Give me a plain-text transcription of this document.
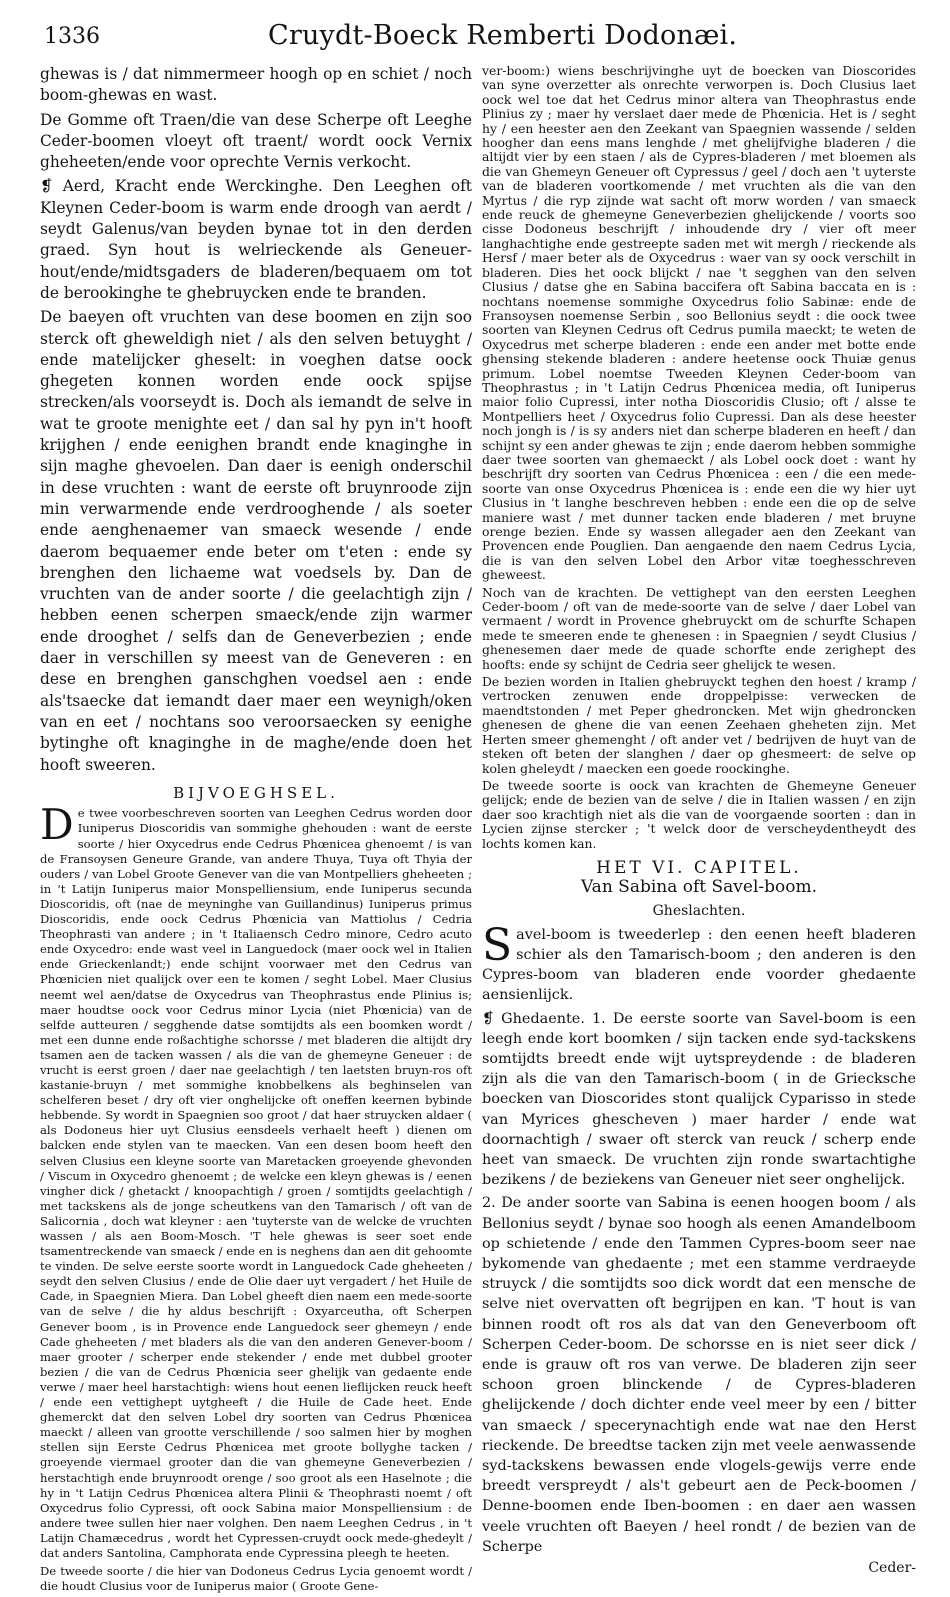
1336	Cruydt-Boeck Remberti Dodonæi.

ghewas is / dat nimmermeer hoogh op en schiet / noch boom-ghewas en wast.

De Gomme oft Traen/die van dese Scherpe oft Leeghe Ceder-boomen vloeyt oft traent/ wordt oock Vernix gheheeten/ende voor oprechte Vernis verkocht.

❡ Aerd, Kracht ende Werckinghe. Den Leeghen oft Kleynen Ceder-boom is warm ende droogh van aerdt / seydt Galenus/van beyden bynae tot in den derden graed. Syn hout is welrieckende als Geneuer-hout/ende/midtsgaders de bladeren/bequaem om tot de berookinghe te ghebruycken ende te branden.

De baeyen oft vruchten van dese boomen en zijn soo sterck oft gheweldigh niet / als den selven betuyght / ende matelijcker gheselt: in voeghen datse oock ghegeten konnen worden ende oock spijse strecken/als voorseydt is. Doch als iemandt de selve in wat te groote menighte eet / dan sal hy pyn in't hooft krijghen / ende eenighen brandt ende knaginghe in sijn maghe ghevoelen. Dan daer is eenigh onderschil in dese vruchten : want de eerste oft bruynroode zijn min verwarmende ende verdrooghende / als soeter ende aenghenaemer van smaeck wesende / ende daerom bequaemer ende beter om t'eten : ende sy brenghen den lichaeme wat voedsels by. Dan de vruchten van de ander soorte / die geelachtigh zijn / hebben eenen scherpen smaeck/ende zijn warmer ende drooghet / selfs dan de Geneverbezien ; ende daer in verschillen sy meest van de Geneveren : en dese en brenghen ganschghen voedsel aen : ende als'tsaecke dat iemandt daer maer een weynigh/oken van en eet / nochtans soo veroorsaecken sy eenighe bytinghe oft knaginghe in de maghe/ende doen het hooft sweeren.

BIJVOEGHSEL.

De twee voorbeschreven soorten van Leeghen Cedrus worden door Iuniperus Dioscoridis van sommighe ghehouden : want de eerste soorte / hier Oxycedrus ende Cedrus Phœnicea ghenoemt / is van de Fransoysen Geneure Grande, van andere Thuya, Tuya oft Thyia der ouders / van Lobel Groote Genever van die van Montpelliers gheheeten ; in 't Latijn Iuniperus maior Monspelliensium, ende Iuniperus secunda Dioscoridis, oft (nae de meyninghe van Guillandinus) Iuniperus primus Dioscoridis, ende oock Cedrus Phœnicia van Mattiolus / Cedria Theophrasti van andere ; in 't Italiaensch Cedro minore, Cedro acuto ende Oxycedro: ende wast veel in Languedock (maer oock wel in Italien ende Grieckenlandt;) ende schijnt voorwaer met den Cedrus van Phœnicien niet qualijck over een te komen / seght Lobel. Maer Clusius neemt wel aen/datse de Oxycedrus van Theophrastus ende Plinius is; maer houdtse oock voor Cedrus minor Lycia (niet Phœnicia) van de selfde autteuren / segghende datse somtijdts als een boomken wordt / met een dunne ende roßachtighe schorsse / met bladeren die altijdt dry tsamen aen de tacken wassen / als die van de ghemeyne Geneuer : de vrucht is eerst groen / daer nae geelachtigh / ten laetsten bruyn-ros oft kastanie-bruyn / met sommighe knobbelkens als beghinselen van schelferen beset / dry oft vier onghelijcke oft oneffen keernen bybinde hebbende. Sy wordt in Spaegnien soo groot / dat haer struycken aldaer ( als Dodoneus hier uyt Clusius eensdeels verhaelt heeft ) dienen om balcken ende stylen van te maecken. Van een desen boom heeft den selven Clusius een kleyne soorte van Maretacken groeyende ghevonden / Viscum in Oxycedro ghenoemt ; de welcke een kleyn ghewas is / eenen vingher dick / ghetackt / knoopachtigh / groen / somtijdts geelachtigh / met tackskens als de jonge scheutkens van den Tamarisch / oft van de Salicornia , doch wat kleyner : aen 'tuyterste van de welcke de vruchten wassen / als aen Boom-Mosch. 'T hele ghewas is seer soet ende tsamentreckende van smaeck / ende en is neghens dan aen dit gehoomte te vinden. De selve eerste soorte wordt in Languedock Cade gheheeten / seydt den selven Clusius / ende de Olie daer uyt vergadert / het Huile de Cade, in Spaegnien Miera. Dan Lobel gheeft dien naem een mede-soorte van de selve / die hy aldus beschrijft : Oxyarceutha, oft Scherpen Genever boom , is in Provence ende Languedock seer ghemeyn / ende Cade gheheeten / met bladers als die van den anderen Genever-boom / maer grooter / scherper ende stekender / ende met dubbel grooter bezien / die van de Cedrus Phœnicia seer ghelijk van gedaente ende verwe / maer heel harstachtigh: wiens hout eenen lieflijcken reuck heeft / ende een vettighept uytgheeft / die Huile de Cade heet. Ende ghemerckt dat den selven Lobel dry soorten van Cedrus Phœnicea maeckt / alleen van grootte verschillende / soo salmen hier by moghen stellen sijn Eerste Cedrus Phœnicea met groote bollyghe tacken / groeyende viermael grooter dan die van ghemeyne Geneverbezien / herstachtigh ende bruynroodt orenge / soo groot als een Haselnote ; die hy in 't Latijn Cedrus Phœnicea altera Plinii & Theophrasti noemt / oft Oxycedrus folio Cypressi, oft oock Sabina maior Monspelliensium : de andere twee sullen hier naer volghen. Den naem Leeghen Cedrus , in 't Latijn Chamæcedrus , wordt het Cypressen-cruydt oock mede-ghedeylt / dat anders Santolina, Camphorata ende Cypressina pleegh te heeten.

De tweede soorte / die hier van Dodoneus Cedrus Lycia genoemt wordt / die houdt Clusius voor de Iuniperus maior ( Groote Gene-

ver-boom:) wiens beschrijvinghe uyt de boecken van Dioscorides van syne overzetter als onrechte verworpen is. Doch Clusius laet oock wel toe dat het Cedrus minor altera van Theophrastus ende Plinius zy ; maer hy verslaet daer mede de Phœnicia. Het is / seght hy / een heester aen den Zeekant van Spaegnien wassende / selden hoogher dan eens mans lenghde / met ghelijfvighe bladeren / die altijdt vier by een staen / als de Cypres-bladeren / met bloemen als die van Ghemeyn Geneuer oft Cypressus / geel / doch aen 't uyterste van de bladeren voortkomende / met vruchten als die van den Myrtus / die ryp zijnde wat sacht oft morw worden / van smaeck ende reuck de ghemeyne Geneverbezien ghelijckende / voorts soo cisse Dodoneus beschrijft / inhoudende dry / vier oft meer langhachtighe ende gestreepte saden met wit mergh / rieckende als Hersf / maer beter als de Oxycedrus : waer van sy oock verschilt in bladeren. Dies het oock blijckt / nae 't segghen van den selven Clusius / datse ghe en Sabina baccifera oft Sabina baccata en is : nochtans noemense sommighe Oxycedrus folio Sabinæ: ende de Fransoysen noemense Serbin , soo Bellonius seydt : die oock twee soorten van Kleynen Cedrus oft Cedrus pumila maeckt; te weten de Oxycedrus met scherpe bladeren : ende een ander met botte ende ghensing stekende bladeren : andere heetense oock Thuiæ genus primum. Lobel noemtse Tweeden Kleynen Ceder-boom van Theophrastus ; in 't Latijn Cedrus Phœnicea media, oft Iuniperus maior folio Cupressi, inter notha Dioscoridis Clusio; oft / alsse te Montpelliers heet / Oxycedrus folio Cupressi. Dan als dese heester noch jongh is / is sy anders niet dan scherpe bladeren en heeft / dan schijnt sy een ander ghewas te zijn ; ende daerom hebben sommighe daer twee soorten van ghemaeckt / als Lobel oock doet : want hy beschrijft dry soorten van Cedrus Phœnicea : een / die een mede-soorte van onse Oxycedrus Phœnicea is : ende een die wy hier uyt Clusius in 't langhe beschreven hebben : ende een die op de selve maniere wast / met dunner tacken ende bladeren / met bruyne orenge bezien. Ende sy wassen allegader aen den Zeekant van Provencen ende Pouglien. Dan aengaende den naem Cedrus Lycia, die is van den selven Lobel den Arbor vitæ toeghesschreven gheweest.

Noch van de krachten. De vettighept van den eersten Leeghen Ceder-boom / oft van de mede-soorte van de selve / daer Lobel van vermaent / wordt in Provence ghebruyckt om de schurfte Schapen mede te smeeren ende te ghenesen : in Spaegnien / seydt Clusius / ghenesemen daer mede de quade schorfte ende zerighept des hoofts: ende sy schijnt de Cedria seer ghelijck te wesen.

De bezien worden in Italien ghebruyckt teghen den hoest / kramp / vertrocken zenuwen ende droppelpisse: verwecken de maendtstonden / met Peper ghedroncken. Met wijn ghedroncken ghenesen de ghene die van eenen Zeehaen gheheten zijn. Met Herten smeer ghemenght / oft ander vet / bedrijven de huyt van de steken oft beten der slanghen / daer op ghesmeert: de selve op kolen gheleydt / maecken een goede roockinghe.

De tweede soorte is oock van krachten de Ghemeyne Geneuer gelijck; ende de bezien van de selve / die in Italien wassen / en zijn daer soo krachtigh niet als die van de voorgaende soorten : dan in Lycien zijnse stercker ; 't welck door de verscheydentheydt des lochts komen kan.

HET VI. CAPITEL.
Van Sabina oft Savel-boom.
Gheslachten.

Savel-boom is tweederlep : den eenen heeft bladeren schier als den Tamarisch-boom ; den anderen is den Cypres-boom van bladeren ende voorder ghedaente aensienlijck.

❡ Ghedaente. 1. De eerste soorte van Savel-boom is een leegh ende kort boomken / sijn tacken ende syd-tackskens somtijdts breedt ende wijt uytspreydende : de bladeren zijn als die van den Tamarisch-boom ( in de Griecksche boecken van Dioscorides stont qualijck Cyparisso in stede van Myrices ghescheven ) maer harder / ende wat doornachtigh / swaer oft sterck van reuck / scherp ende heet van smaeck. De vruchten zijn ronde swartachtighe bezikens / de beziekens van Geneuer niet seer onghelijck.

2. De ander soorte van Sabina is eenen hoogen boom / als Bellonius seydt / bynae soo hoogh als eenen Amandelboom op schietende / ende den Tammen Cypres-boom seer nae bykomende van ghedaente ; met een stamme verdraeyde struyck / die somtijdts soo dick wordt dat een mensche de selve niet overvatten oft begrijpen en kan. 'T hout is van binnen roodt oft ros als dat van den Geneverboom oft Scherpen Ceder-boom. De schorsse en is niet seer dick / ende is grauw oft ros van verwe. De bladeren zijn seer schoon groen blinckende / de Cypres-bladeren ghelijckende / doch dichter ende veel meer by een / bitter van smaeck / specerynachtigh ende wat nae den Herst rieckende. De breedtse tacken zijn met veele aenwassende syd-tackskens bewassen ende vlogels-gewijs verre ende breedt verspreydt / als't gebeurt aen de Peck-boomen / Denne-boomen ende Iben-boomen : en daer aen wassen veele vruchten oft Baeyen / heel rondt / de bezien van de Scherpe

Ceder-
